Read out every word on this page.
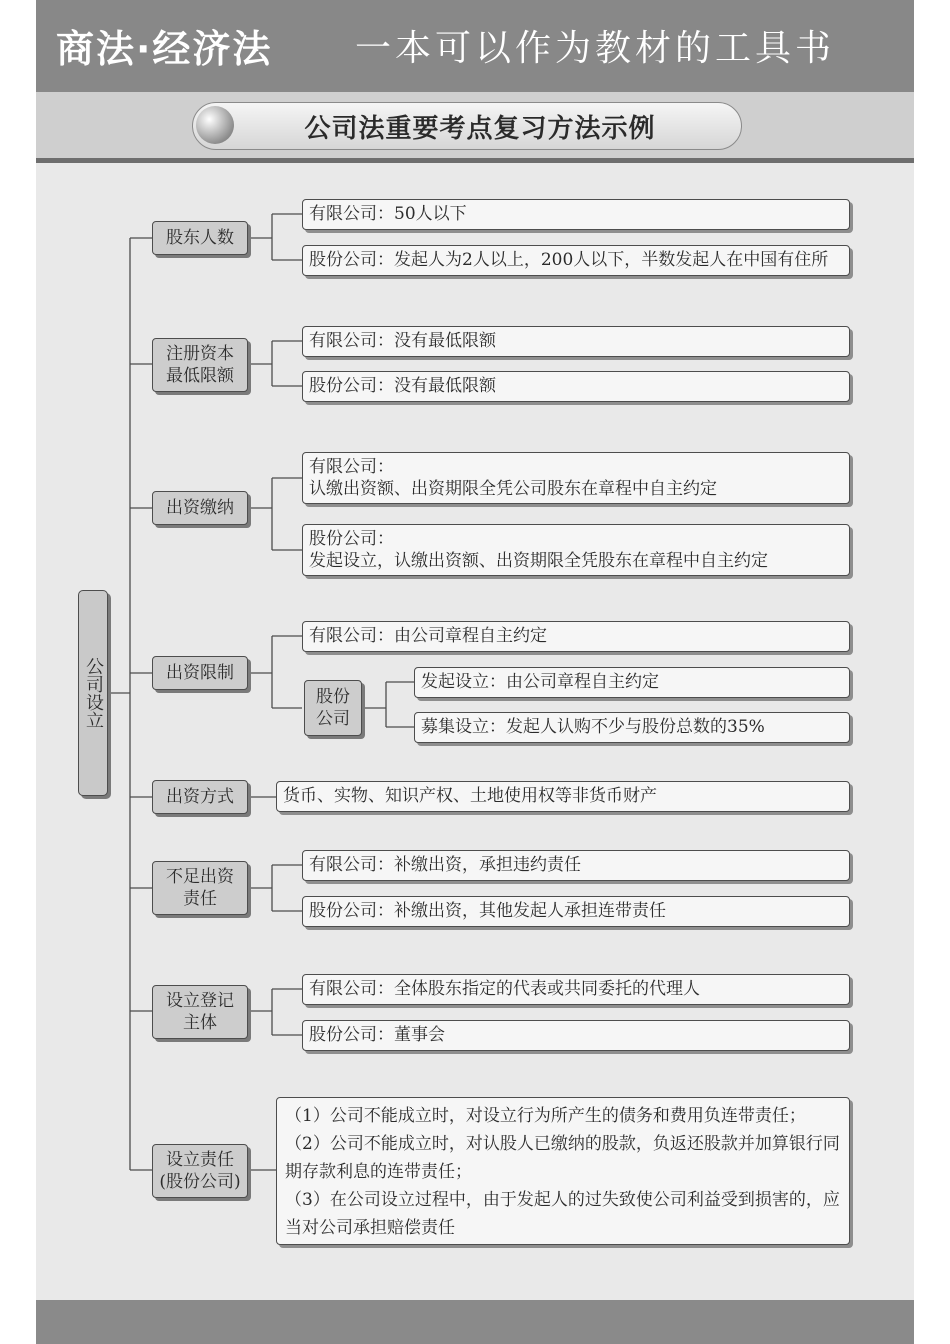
商法·经济法 一本可以作为教材的工具书
公司法重要考点复习方法示例
公司设立
股东人数
有限公司：50人以下
股份公司：发起人为2人以上，200人以下，半数发起人在中国有住所
注册资本
最低限额
有限公司：没有最低限额
股份公司：没有最低限额
出资缴纳
有限公司：
认缴出资额、出资期限全凭公司股东在章程中自主约定
股份公司：
发起设立，认缴出资额、出资期限全凭股东在章程中自主约定
出资限制
有限公司：由公司章程自主约定
股份
公司
发起设立：由公司章程自主约定
募集设立：发起人认购不少与股份总数的35%
出资方式	货币、实物、知识产权、土地使用权等非货币财产
不足出资
责任
有限公司：补缴出资，承担违约责任
股份公司：补缴出资，其他发起人承担连带责任
设立登记
主体
有限公司：全体股东指定的代表或共同委托的代理人
股份公司：董事会
设立责任
(股份公司)
（1）公司不能成立时，对设立行为所产生的债务和费用负连带责任；
（2）公司不能成立时，对认股人已缴纳的股款，负返还股款并加算银行同期存款利息的连带责任；
（3）在公司设立过程中，由于发起人的过失致使公司利益受到损害的，应当对公司承担赔偿责任
